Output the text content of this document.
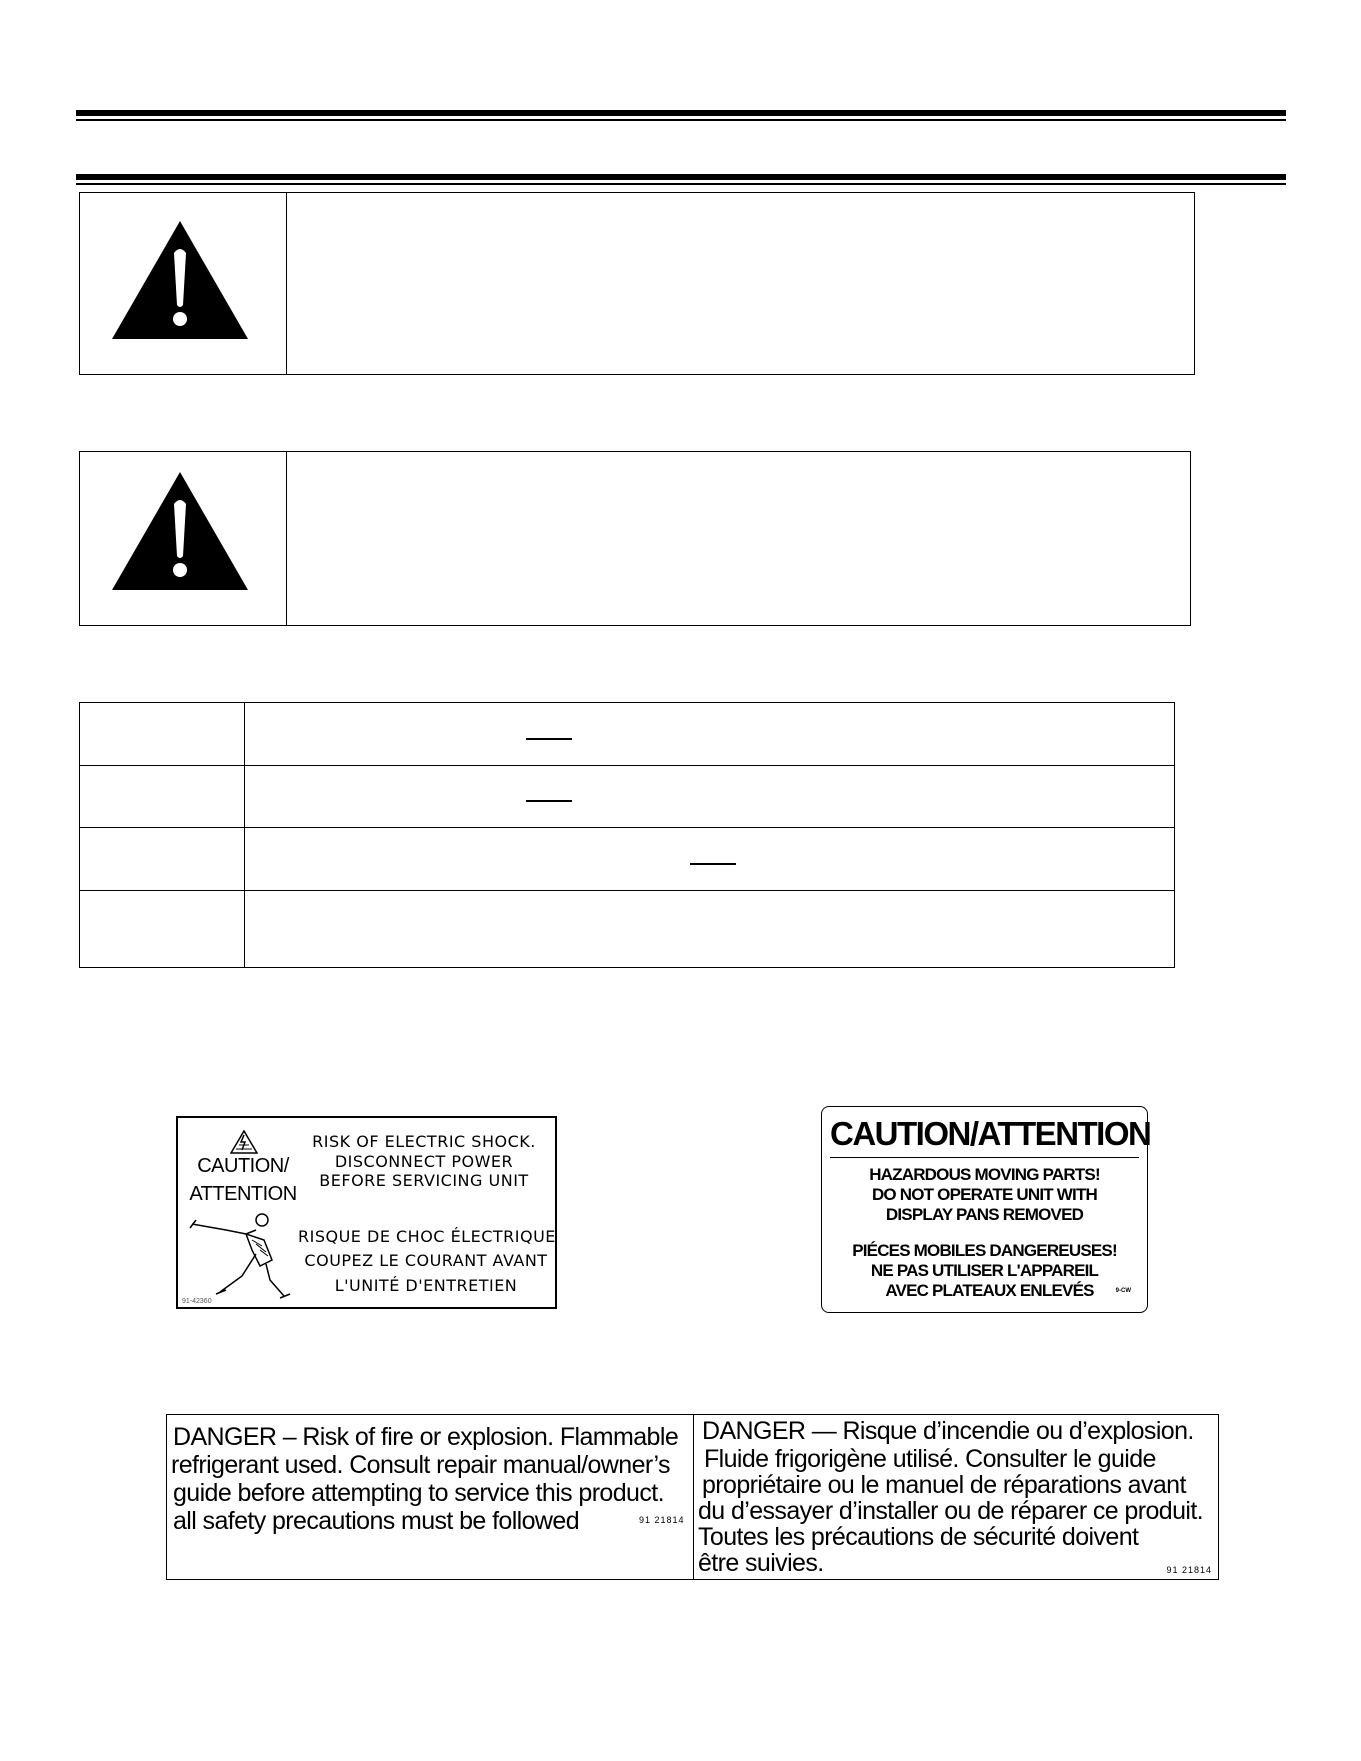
CAUTION/
ATTENTION
RISK OF ELECTRIC SHOCK.
DISCONNECT POWER
BEFORE SERVICING UNIT
RISQUE DE CHOC ÉLECTRIQUE
COUPEZ LE COURANT AVANT
L'UNITÉ D'ENTRETIEN
91-42360
CAUTION/ATTENTION
HAZARDOUS MOVING PARTS!
DO NOT OPERATE UNIT WITH
DISPLAY PANS REMOVED
PIÉCES MOBILES DANGEREUSES!
NE PAS UTILISER L'APPAREIL
AVEC PLATEAUX ENLEVÉS	9-CW
DANGER – Risk of fire or explosion. Flammable
refrigerant used. Consult repair manual/owner’s
guide before attempting to service this product.
all safety precautions must be followed	91 21814
DANGER — Risque d’incendie ou d’explosion.
Fluide frigorigène utilisé. Consulter le guide
propriétaire ou le manuel de réparations avant
du d’essayer d’installer ou de réparer ce produit.
Toutes les précautions de sécurité doivent
être suivies.	91 21814
